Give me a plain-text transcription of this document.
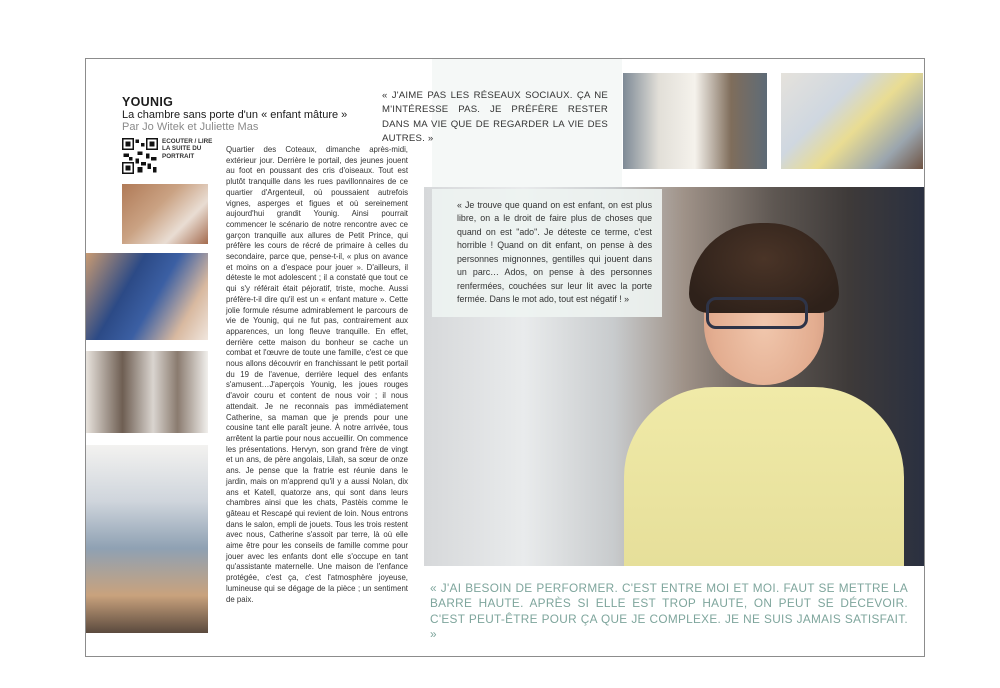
YOUNIG
La chambre sans porte d'un « enfant mâture »
Par Jo Witek et Juliette Mas
ECOUTER / LIRE LA SUITE DU PORTRAIT
Quartier des Coteaux, dimanche après-midi, extérieur jour. Derrière le portail, des jeunes jouent au foot en poussant des cris d'oiseaux. Tout est plutôt tranquille dans les rues pavillonnaires de ce quartier d'Argenteuil, où poussaient autrefois vignes, asperges et figues et où sereinement aujourd'hui grandit Younig. Ainsi pourrait commencer le scénario de notre rencontre avec ce garçon tranquille aux allures de Petit Prince, qui préfère les cours de récré de primaire à celles du secondaire, parce que, pense-t-il, « plus on avance et moins on a d'espace pour jouer ». D'ailleurs, il déteste le mot adolescent ; il a constaté que tout ce qui s'y référait était péjoratif, triste, moche. Aussi préfère-t-il dire qu'il est un « enfant mature ». Cette jolie formule résume admirablement le parcours de vie de Younig, qui ne fut pas, contrairement aux apparences, un long fleuve tranquille. En effet, derrière cette maison du bonheur se cache un combat et l'œuvre de toute une famille, c'est ce que nous allons découvrir en franchissant le petit portail du 19 de l'avenue, derrière lequel des enfants s'amusent…J'aperçois Younig, les joues rouges d'avoir couru et content de nous voir ; il nous attendait. Je ne reconnais pas immédiatement Catherine, sa maman que je prends pour une cousine tant elle paraît jeune. À notre arrivée, tous arrêtent la partie pour nous accueillir. On commence les présentations. Hervyn, son grand frère de vingt et un ans, de père angolais, Lilah, sa sœur de onze ans. Je pense que la fratrie est réunie dans le jardin, mais on m'apprend qu'il y a aussi Nolan, dix ans et Katell, quatorze ans, qui sont dans leurs chambres ainsi que les chats, Pastèis comme le gâteau et Rescapé qui revient de loin. Nous entrons dans le salon, empli de jouets. Tous les trois restent avec nous, Catherine s'assoit par terre, là où elle aime être pour les conseils de famille comme pour jouer avec les enfants dont elle s'occupe en tant qu'assistante maternelle. Une maison de l'enfance protégée, c'est ça, c'est l'atmosphère joyeuse, lumineuse qui se dégage de la pièce ; un sentiment de paix.
« J'AIME PAS LES RÉSEAUX SOCIAUX. ÇA NE M'INTÉRESSE PAS. JE PRÉFÈRE RESTER DANS MA VIE QUE DE REGARDER LA VIE DES AUTRES. »
« Je trouve que quand on est enfant, on est plus libre, on a le droit de faire plus de choses que quand on est "ado". Je déteste ce terme, c'est horrible ! Quand on dit enfant, on pense à des personnes mignonnes, gentilles qui jouent dans un parc… Ados, on pense à des personnes renfermées, couchées sur leur lit avec la porte fermée. Dans le mot ado, tout est négatif ! »
« J'AI BESOIN DE PERFORMER. C'EST ENTRE MOI ET MOI. FAUT SE METTRE LA BARRE HAUTE. APRÈS SI ELLE EST TROP HAUTE, ON PEUT SE DÉCEVOIR. C'EST PEUT-ÊTRE POUR ÇA QUE JE COMPLEXE. JE NE SUIS JAMAIS SATISFAIT. »
